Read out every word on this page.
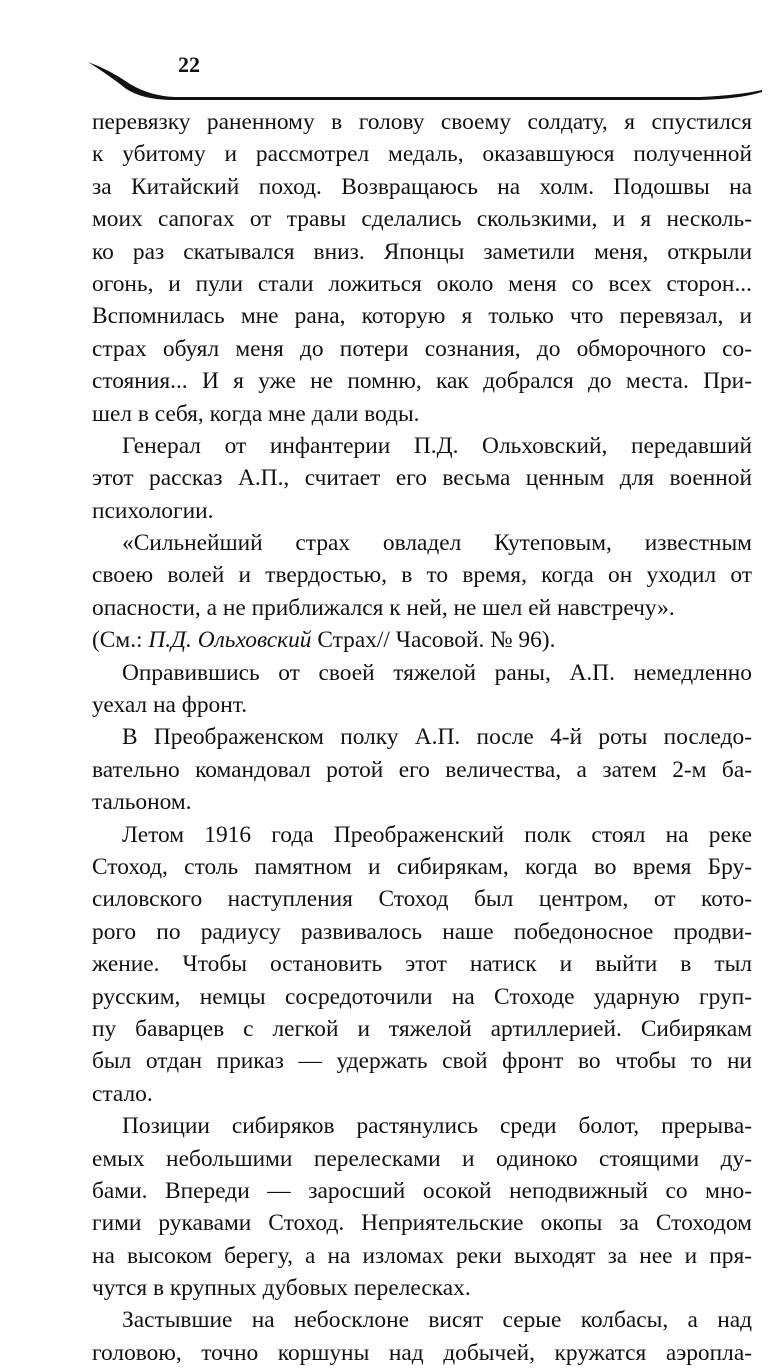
22
перевязку раненному в голову своему солдату, я спустился
к убитому и рассмотрел медаль, оказавшуюся полученной
за Китайский поход. Возвращаюсь на холм. Подошвы на
моих сапогах от травы сделались скользкими, и я несколь-
ко раз скатывался вниз. Японцы заметили меня, открыли
огонь, и пули стали ложиться около меня со всех сторон...
Вспомнилась мне рана, которую я только что перевязал, и
страх обуял меня до потери сознания, до обморочного со-
стояния... И я уже не помню, как добрался до места. При-
шел в себя, когда мне дали воды.
Генерал от инфантерии П.Д. Ольховский, передавший
этот рассказ А.П., считает его весьма ценным для военной
психологии.
«Сильнейший страх овладел Кутеповым, известным
своею волей и твердостью, в то время, когда он уходил от
опасности, а не приближался к ней, не шел ей навстречу».
(См.: П.Д. Ольховский Страх// Часовой. № 96).
Оправившись от своей тяжелой раны, А.П. немедленно
уехал на фронт.
В Преображенском полку А.П. после 4-й роты последо-
вательно командовал ротой его величества, а затем 2-м ба-
тальоном.
Летом 1916 года Преображенский полк стоял на реке
Стоход, столь памятном и сибирякам, когда во время Бру-
силовского наступления Стоход был центром, от кото-
рого по радиусу развивалось наше победоносное продви-
жение. Чтобы остановить этот натиск и выйти в тыл
русским, немцы сосредоточили на Стоходе ударную груп-
пу баварцев с легкой и тяжелой артиллерией. Сибирякам
был отдан приказ — удержать свой фронт во чтобы то ни
стало.
Позиции сибиряков растянулись среди болот, прерыва-
емых небольшими перелесками и одиноко стоящими ду-
бами. Впереди — заросший осокой неподвижный со мно-
гими рукавами Стоход. Неприятельские окопы за Стоходом
на высоком берегу, а на изломах реки выходят за нее и пря-
чутся в крупных дубовых перелесках.
Застывшие на небосклоне висят серые колбасы, а над
головою, точно коршуны над добычей, кружатся аэропла-
